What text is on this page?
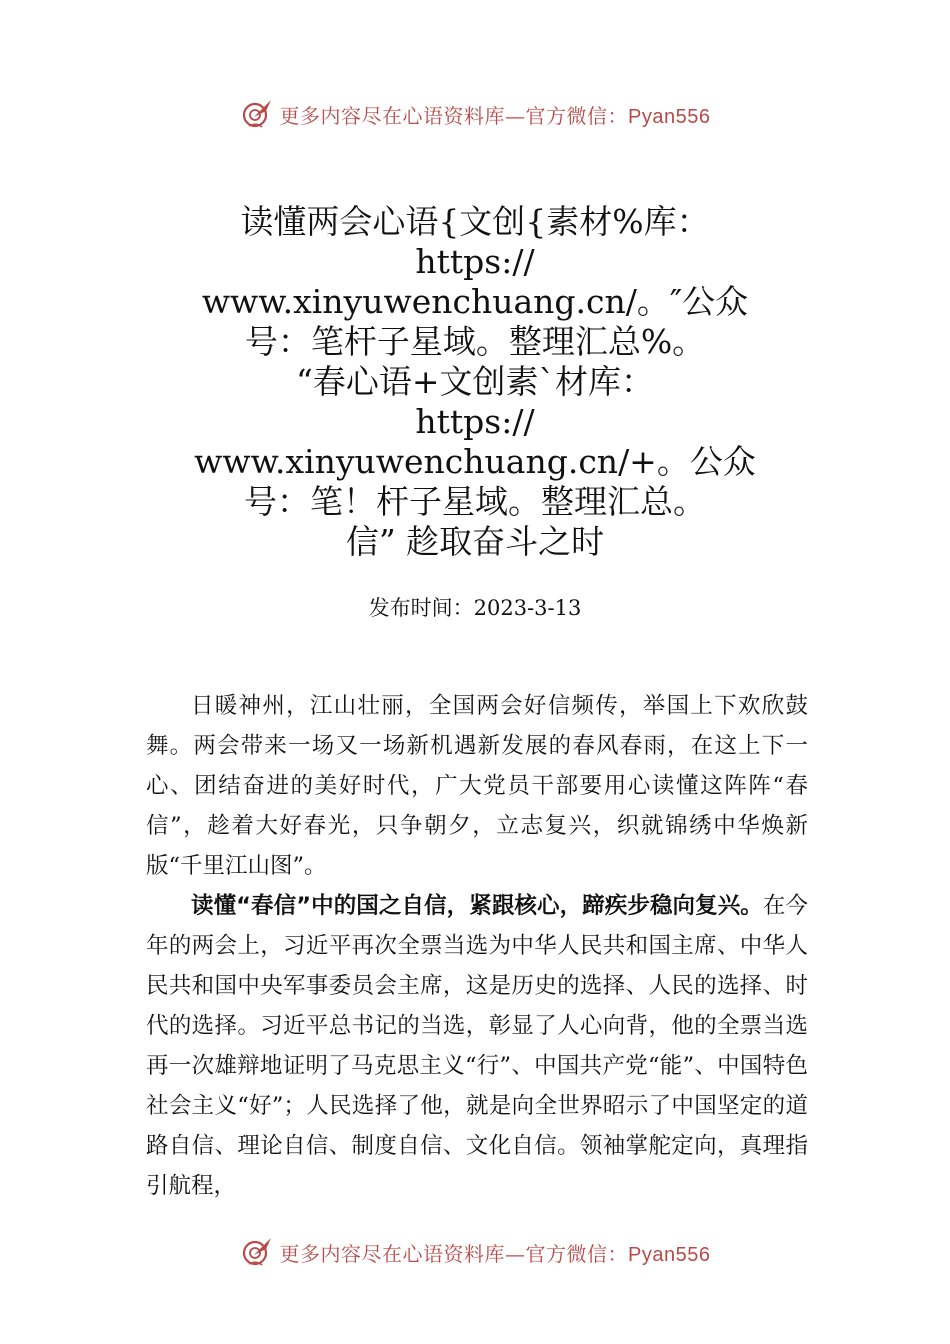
更多内容尽在心语资料库—官方微信：Pyan556
读懂两会心语{文创{素材%库：
https://
www.xinyuwenchuang.cn/。″公众
号：笔杆子星域。整理汇总%。
“春心语+文创素`材库：
https://
www.xinyuwenchuang.cn/+。公众
号：笔！杆子星域。整理汇总。
信” 趁取奋斗之时
发布时间：2023-3-13

日暖神州，江山壮丽，全国两会好信频传，举国上下欢欣鼓舞。两会带来一场又一场新机遇新发展的春风春雨，在这上下一心、团结奋进的美好时代，广大党员干部要用心读懂这阵阵“春信”，趁着大好春光，只争朝夕，立志复兴，织就锦绣中华焕新版“千里江山图”。

读懂“春信”中的国之自信，紧跟核心，蹄疾步稳向复兴。在今年的两会上，习近平再次全票当选为中华人民共和国主席、中华人民共和国中央军事委员会主席，这是历史的选择、人民的选择、时代的选择。习近平总书记的当选，彰显了人心向背，他的全票当选再一次雄辩地证明了马克思主义“行”、中国共产党“能”、中国特色社会主义“好”；人民选择了他，就是向全世界昭示了中国坚定的道路自信、理论自信、制度自信、文化自信。领袖掌舵定向，真理指引航程，

更多内容尽在心语资料库—官方微信：Pyan556
